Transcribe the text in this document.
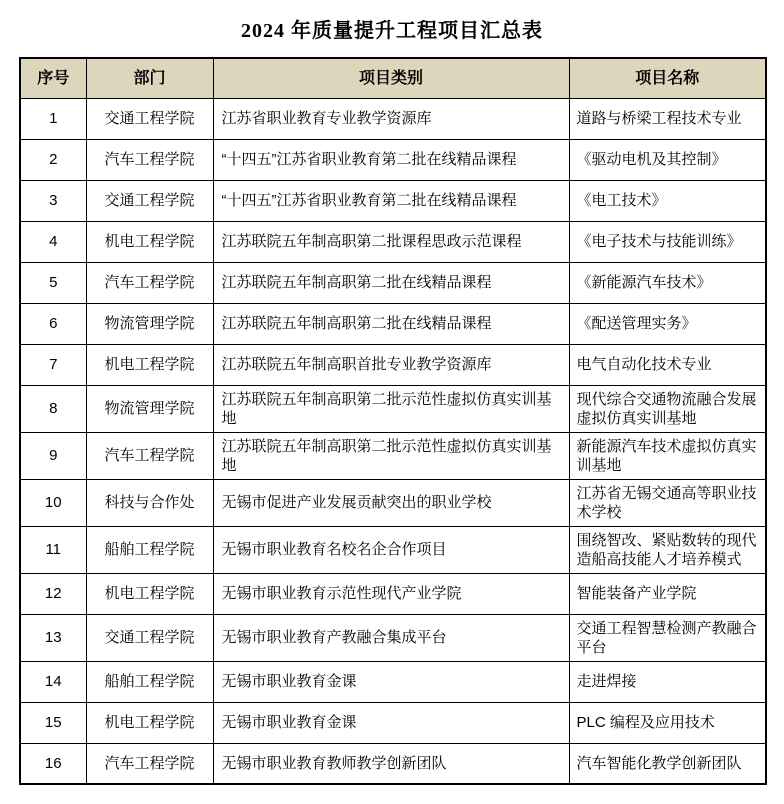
2024 年质量提升工程项目汇总表
序号	部门	项目类别	项目名称
1	交通工程学院	江苏省职业教育专业教学资源库	道路与桥梁工程技术专业
2	汽车工程学院	“十四五”江苏省职业教育第二批在线精品课程	《驱动电机及其控制》
3	交通工程学院	“十四五”江苏省职业教育第二批在线精品课程	《电工技术》
4	机电工程学院	江苏联院五年制高职第二批课程思政示范课程	《电子技术与技能训练》
5	汽车工程学院	江苏联院五年制高职第二批在线精品课程	《新能源汽车技术》
6	物流管理学院	江苏联院五年制高职第二批在线精品课程	《配送管理实务》
7	机电工程学院	江苏联院五年制高职首批专业教学资源库	电气自动化技术专业
8	物流管理学院	江苏联院五年制高职第二批示范性虚拟仿真实训基地	现代综合交通物流融合发展虚拟仿真实训基地
9	汽车工程学院	江苏联院五年制高职第二批示范性虚拟仿真实训基地	新能源汽车技术虚拟仿真实训基地
10	科技与合作处	无锡市促进产业发展贡献突出的职业学校	江苏省无锡交通高等职业技术学校
11	船舶工程学院	无锡市职业教育名校名企合作项目	围绕智改、紧贴数转的现代造船高技能人才培养模式
12	机电工程学院	无锡市职业教育示范性现代产业学院	智能装备产业学院
13	交通工程学院	无锡市职业教育产教融合集成平台	交通工程智慧检测产教融合平台
14	船舶工程学院	无锡市职业教育金课	走进焊接
15	机电工程学院	无锡市职业教育金课	PLC 编程及应用技术
16	汽车工程学院	无锡市职业教育教师教学创新团队	汽车智能化教学创新团队
